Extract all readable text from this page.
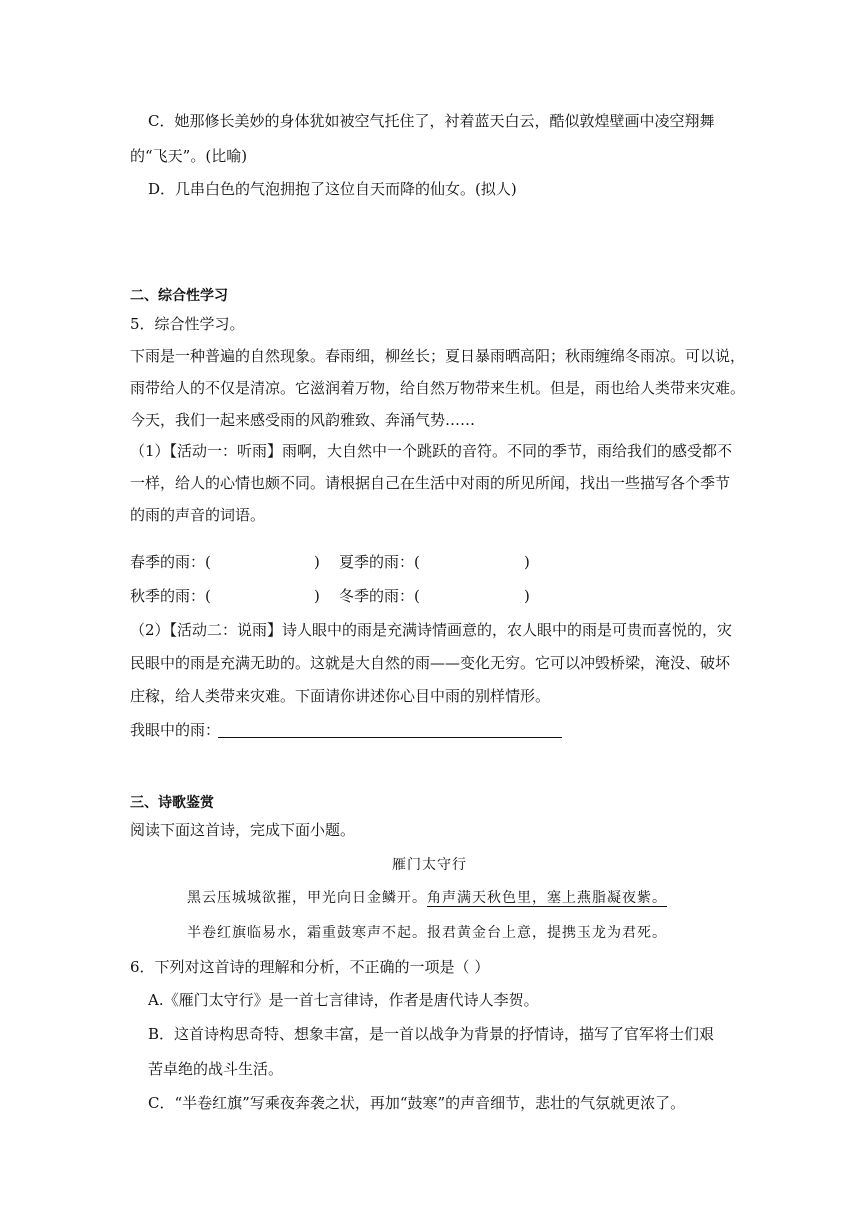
C．她那修长美妙的身体犹如被空气托住了，衬着蓝天白云，酷似敦煌壁画中凌空翔舞
的“飞天”。(比喻)
D．几串白色的气泡拥抱了这位自天而降的仙女。(拟人)
二、综合性学习
5．综合性学习。
下雨是一种普遍的自然现象。春雨细，柳丝长；夏日暴雨晒高阳；秋雨缠绵冬雨凉。可以说，
雨带给人的不仅是清凉。它滋润着万物，给自然万物带来生机。但是，雨也给人类带来灾难。
今天，我们一起来感受雨的风韵雅致、奔涌气势……
（1）【活动一：听雨】雨啊，大自然中一个跳跃的音符。不同的季节，雨给我们的感受都不
一样，给人的心情也颇不同。请根据自己在生活中对雨的所见所闻，找出一些描写各个季节
的雨的声音的词语。
春季的雨：(	) 夏季的雨：(	)
秋季的雨：(	) 冬季的雨：(	)
（2）【活动二：说雨】诗人眼中的雨是充满诗情画意的，农人眼中的雨是可贵而喜悦的，灾
民眼中的雨是充满无助的。这就是大自然的雨——变化无穷。它可以冲毁桥梁，淹没、破坏
庄稼，给人类带来灾难。下面请你讲述你心目中雨的别样情形。
我眼中的雨：
三、诗歌鉴赏
阅读下面这首诗，完成下面小题。
雁门太守行
黑云压城城欲摧，甲光向日金鳞开。角声满天秋色里，塞上燕脂凝夜紫。
半卷红旗临易水，霜重鼓寒声不起。报君黄金台上意，提携玉龙为君死。
6．下列对这首诗的理解和分析，不正确的一项是（ ）
A.《雁门太守行》是一首七言律诗，作者是唐代诗人李贺。
B．这首诗构思奇特、想象丰富，是一首以战争为背景的抒情诗，描写了官军将士们艰
苦卓绝的战斗生活。
C．“半卷红旗”写乘夜奔袭之状，再加“鼓寒”的声音细节，悲壮的气氛就更浓了。
